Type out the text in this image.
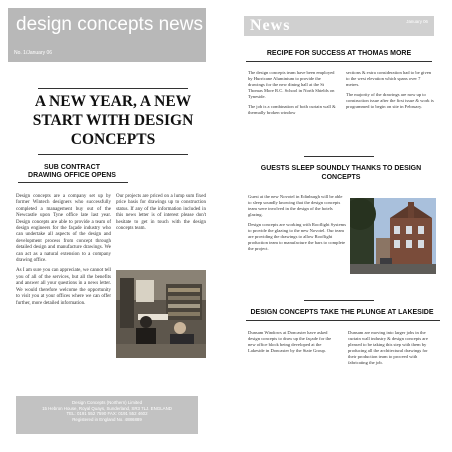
design concepts news
No. 1/January 06
A NEW YEAR, A NEW START WITH DESIGN CONCEPTS
SUB CONTRACT
DRAWING OFFICE OPENS

Design concepts are a company set up by former Wintech designers who successfully completed a management buy out of the Newcastle upon Tyne office late last year. Design concepts are able to provide a team of design engineers for the façade industry who can undertake all aspects of the design and development process from concept through detailed design and manufacture drawings. We can act as a natural extension to a company drawing office.

As I am sure you can appreciate, we cannot tell you of all of the services, but all the benefits and answer all your questions in a news letter. We would therefore welcome the opportunity to visit you at your offices where we can offer further, more detailed information.

Our projects are priced on a lump sum fixed price basis for drawings up to construction status. If any of the information included in this news letter is of interest please don't hesitate to get in touch with the design concepts team.

Design Concepts (Northern) Limited
15 Hebron House, Royal Quays, Sunderland, SR3 7LJ. ENGLAND
TEL: 0191 552 7590 FAX: 0191 552 4602
Registered in England No. 4886889
News	January 06
RECIPE FOR SUCCESS AT THOMAS MORE

The design concepts team have been employed by Hurricane Aluminium to provide the drawings for the new dining hall at the St Thomas More R.C. School in North Shields on Tyneside.

The job is a combination of both curtain wall & thermally broken window

sections & extra consideration had to be given to the west elevation which spans over 7 metres.

The majority of the drawings are now up to construction issue after the first issue & work is programmed to begin on site in February.

GUESTS SLEEP SOUNDLY THANKS TO DESIGN CONCEPTS

Guest at the new Novotel in Edinburgh will be able to sleep soundly knowing that the design concepts team were involved in the design of the hotels glazing.

Design concepts are working with Rooflight Systems to provide the glazing to the new Novotel. Our team are providing the drawings to allow Rooflight production team to manufacture the bars to complete the project.

DESIGN CONCEPTS TAKE THE PLUNGE AT LAKESIDE

Dunsam Windows at Doncaster have asked design concepts to draw up the façade for the new office block being developed at the Lakeside in Doncaster by the State Group.

Dunsam are moving into larger jobs in the curtain wall industry & design concepts are pleased to be taking this step with them by producing all the architectural drawings for their production team to proceed with fabricating the job.
